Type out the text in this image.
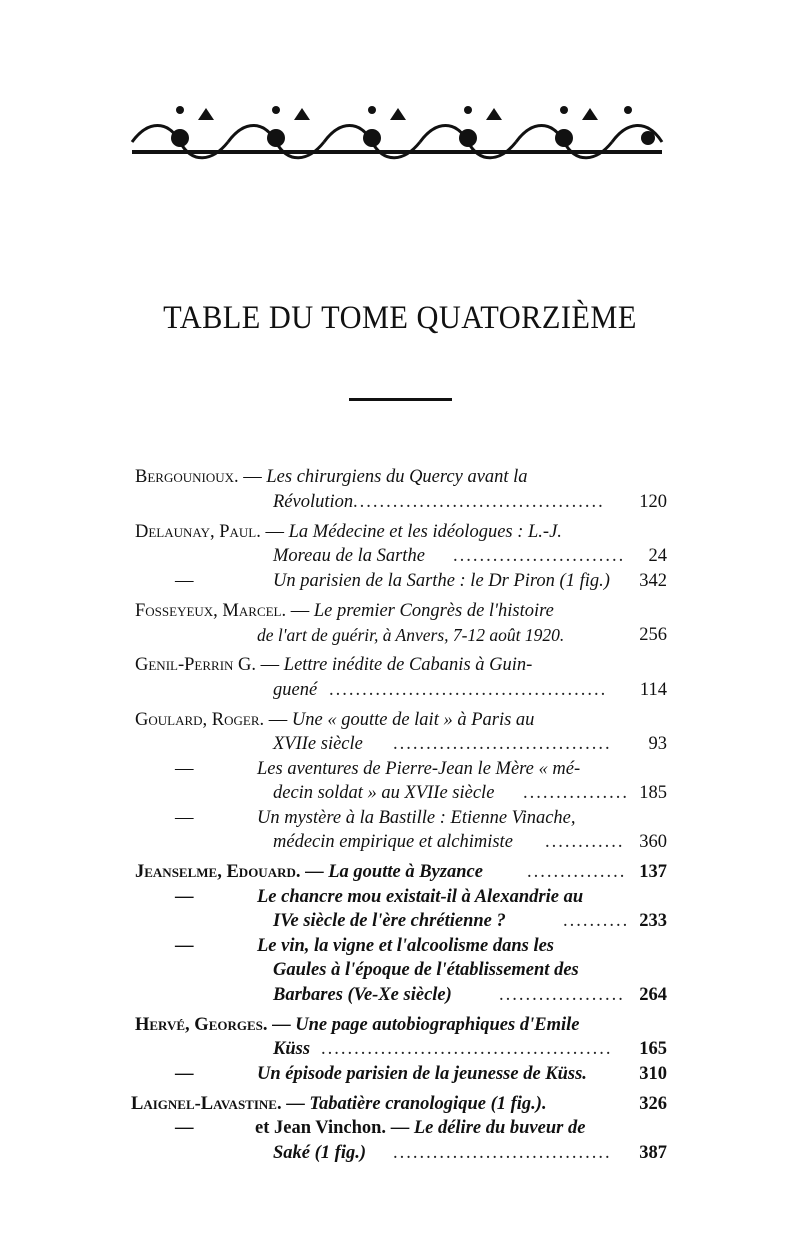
TABLE DU TOME QUATORZIÈME
Bergounioux. — Les chirurgiens du Quercy avant la
Révolution ......................................	120
Delaunay, Paul. — La Médecine et les idéologues : L.-J.
Moreau de la Sarthe ..........................	24
—	Un parisien de la Sarthe : le Dr Piron (1 fig.) 342
Fosseyeux, Marcel. — Le premier Congrès de l'histoire
de l'art de guérir, à Anvers, 7-12 août 1920.	256
Genil-Perrin G. — Lettre inédite de Cabanis à Guin-
guené ..........................................	114
Goulard, Roger. — Une « goutte de lait » à Paris au
XVIIe siècle .................................	93
—	Les aventures de Pierre-Jean le Mère « mé-
decin soldat » au XVIIe siècle ................ 185
—	Un mystère à la Bastille : Etienne Vinache,
médecin empirique et alchimiste ............ 360
Jeanselme, Edouard. — La goutte à Byzance ............... 137
—	Le chancre mou existait-il à Alexandrie au
IVe siècle de l'ère chrétienne ?	.......... 233
—	Le vin, la vigne et l'alcoolisme dans les
Gaules à l'époque de l'établissement des
Barbares (Ve-Xe siècle)	................... 264
Hervé, Georges. — Une page autobiographiques d'Emile
Küss ............................................	165
—	Un épisode parisien de la jeunesse de Küss.	310
Laignel-Lavastine. — Tabatière cranologique (1 fig.).	326
—	et Jean Vinchon. — Le délire du buveur de
Saké (1 fig.) .................................	387
